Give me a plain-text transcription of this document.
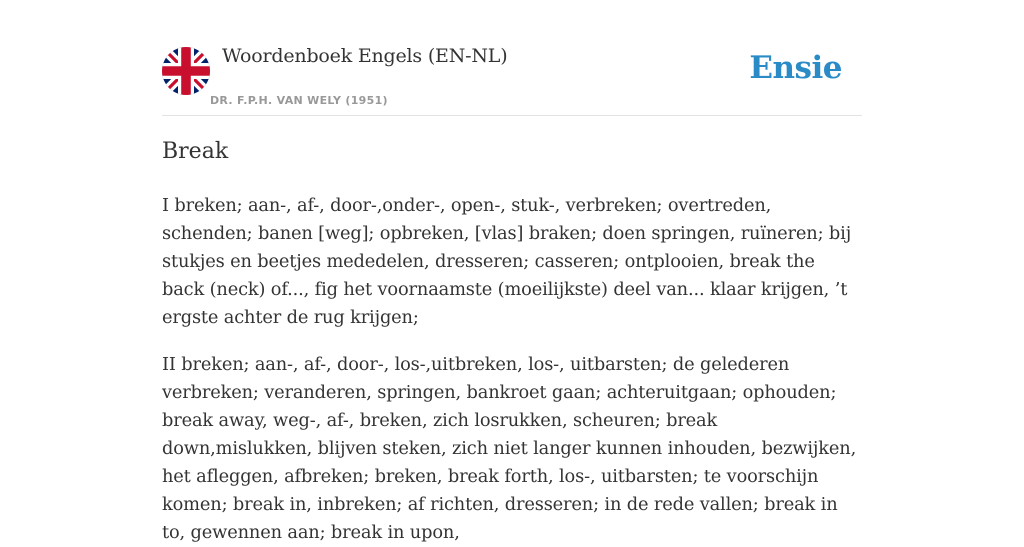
Woordenboek Engels (EN-NL)
DR. F.P.H. VAN WELY (1951)
Ensie
Break

I breken; aan-, af-, door-,onder-, open-, stuk-, verbreken; overtreden, schenden; banen [weg]; opbreken, [vlas] braken; doen springen, ruïneren; bij stukjes en beetjes mededelen, dresseren; casseren; ontplooien, break the back (neck) of..., fig het voornaamste (moeilijkste) deel van... klaar krijgen, ’t ergste achter de rug krijgen;

II breken; aan-, af-, door-, los-,uitbreken, los-, uitbarsten; de gelederen verbreken; veranderen, springen, bankroet gaan; achteruitgaan; ophouden; break away, weg-, af-, breken, zich losrukken, scheuren; break down,mislukken, blijven steken, zich niet langer kunnen inhouden, bezwijken, het afleggen, afbreken; breken, break forth, los-, uitbarsten; te voorschijn komen; break in, inbreken; af richten, dresseren; in de rede vallen; break in to, gewennen aan; break in upon,
